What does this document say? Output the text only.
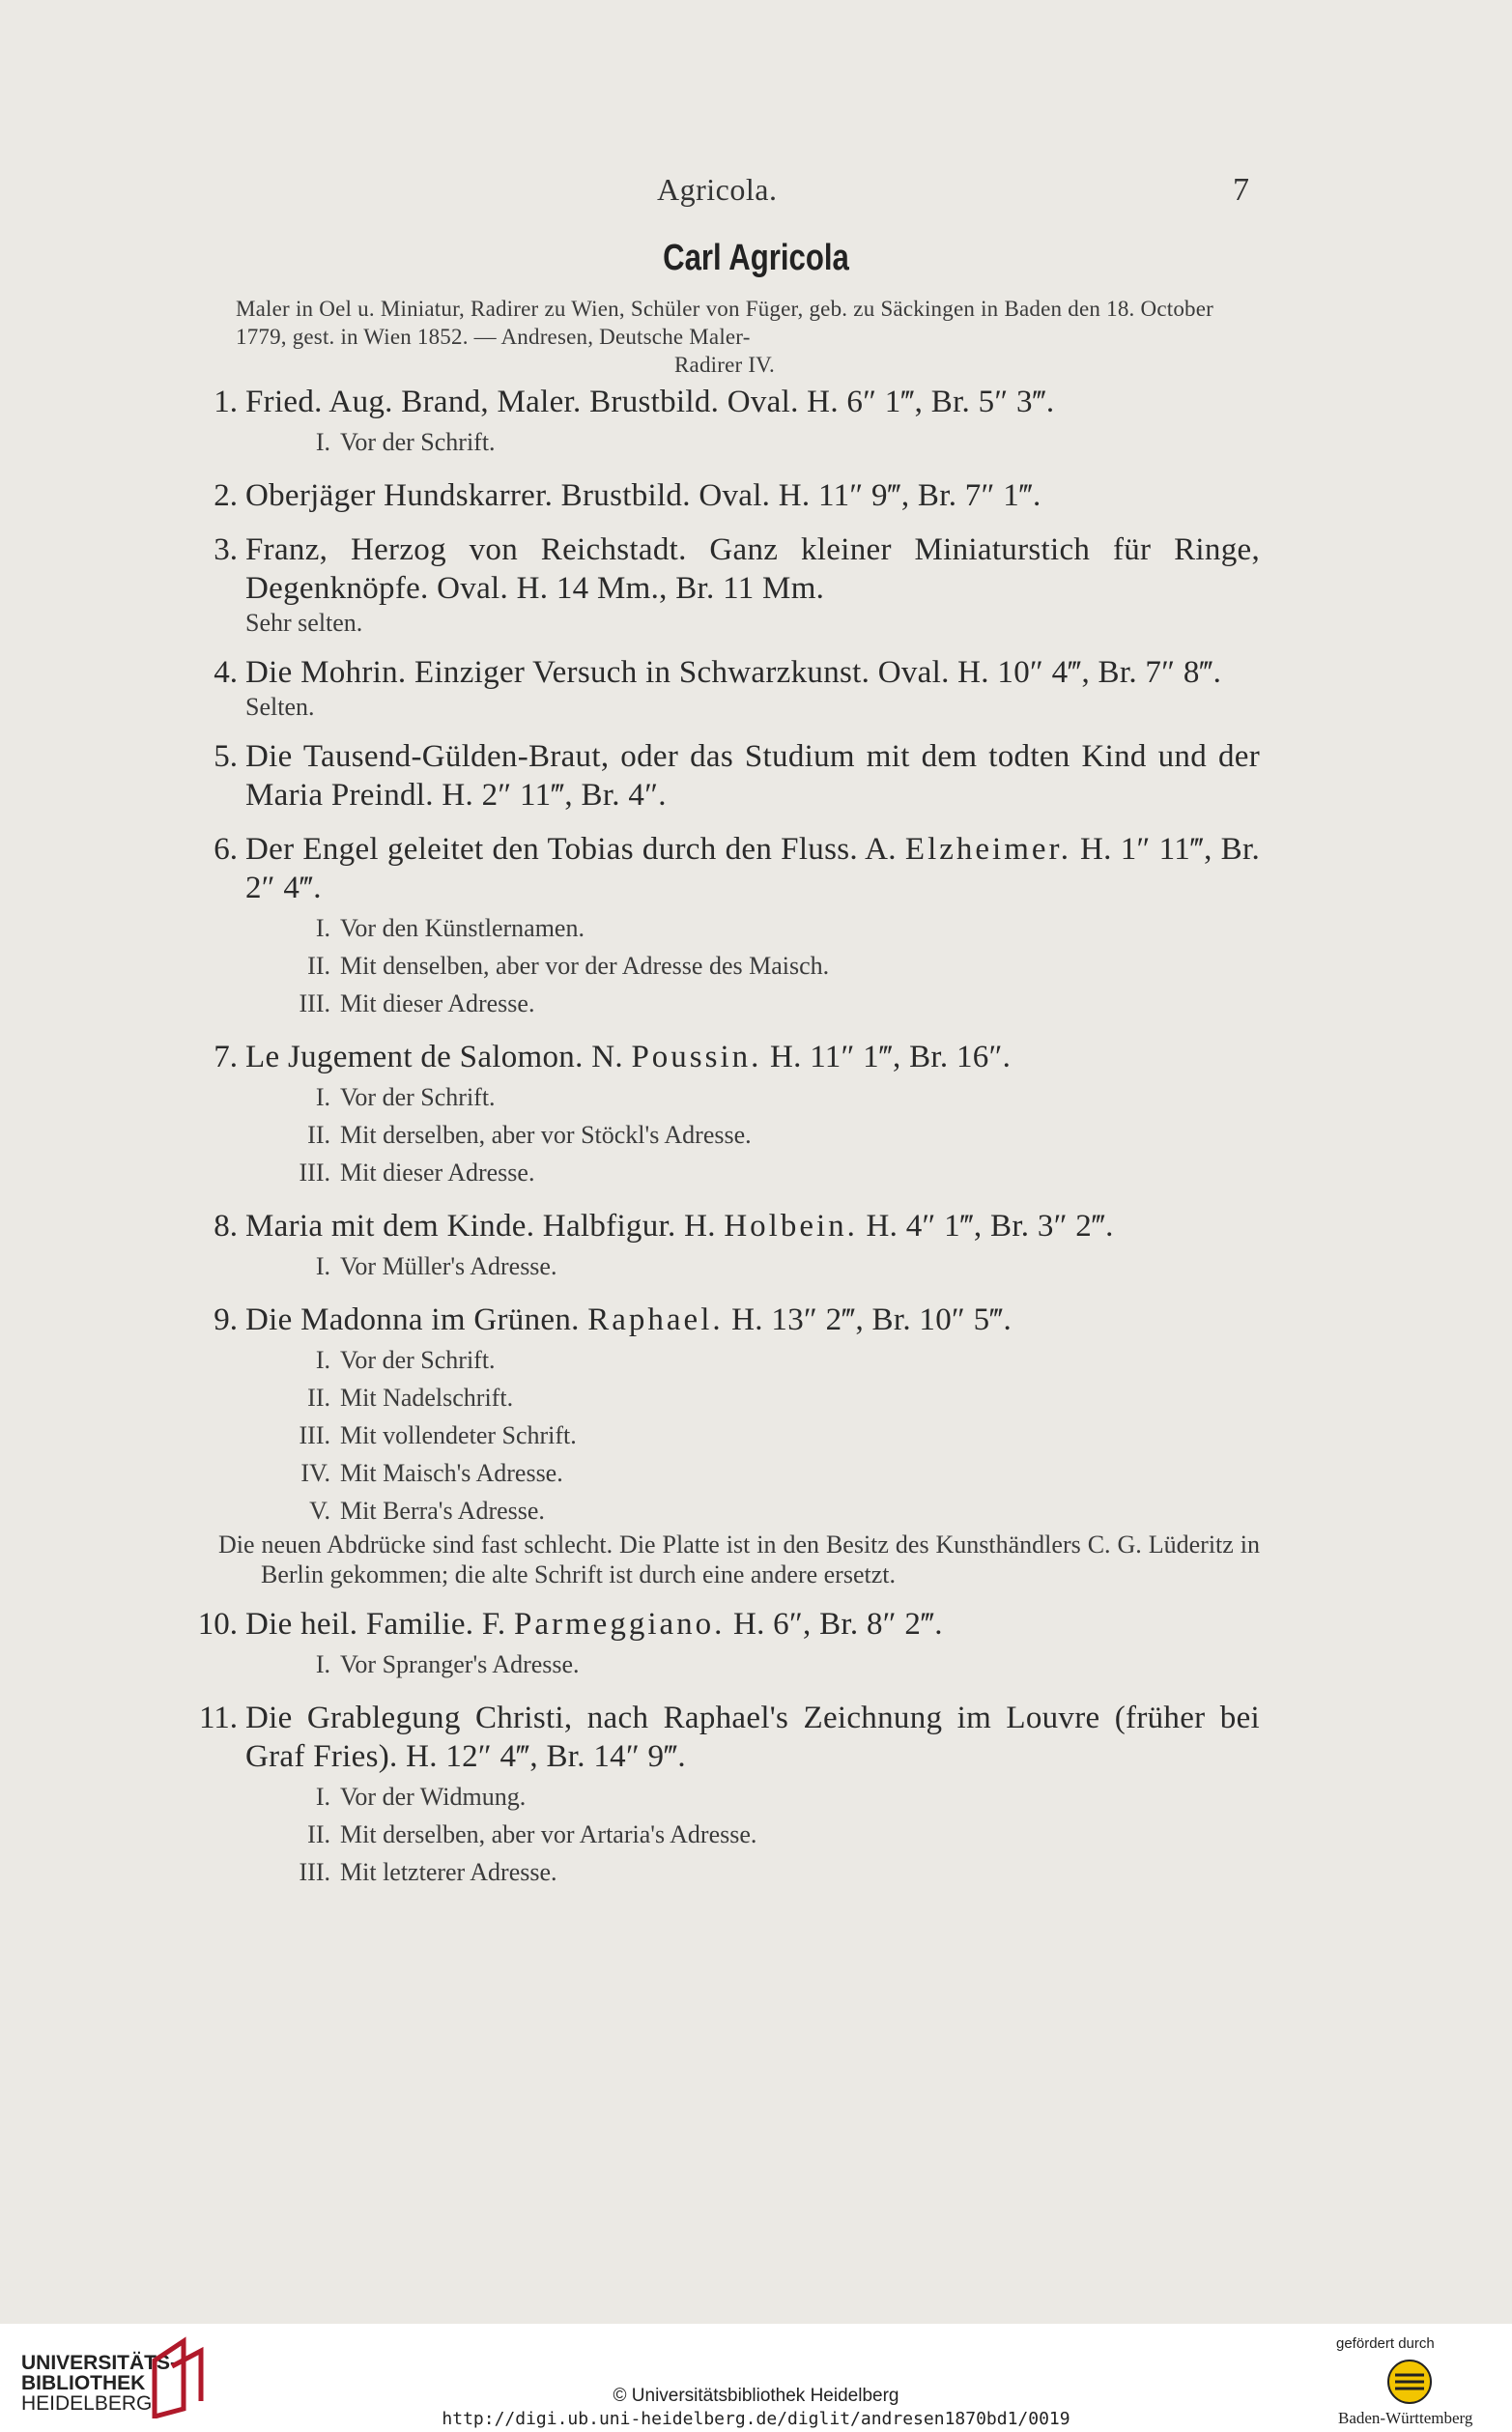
Agricola.	7
Carl Agricola
Maler in Oel u. Miniatur, Radirer zu Wien, Schüler von Füger, geb. zu Säckingen in Baden den 18. October 1779, gest. in Wien 1852. — Andresen, Deutsche Maler-
Radirer IV.
1. Fried. Aug. Brand, Maler. Brustbild. Oval. H. 6″ 1‴, Br. 5″ 3‴.
I. Vor der Schrift.
2. Oberjäger Hundskarrer. Brustbild. Oval. H. 11″ 9‴, Br. 7″ 1‴.
3. Franz, Herzog von Reichstadt. Ganz kleiner Miniaturstich für Ringe, Degenknöpfe. Oval. H. 14 Mm., Br. 11 Mm.
Sehr selten.
4. Die Mohrin. Einziger Versuch in Schwarzkunst. Oval. H. 10″ 4‴, Br. 7″ 8‴.
Selten.
5. Die Tausend-Gülden-Braut, oder das Studium mit dem todten Kind und der Maria Preindl. H. 2″ 11‴, Br. 4″.
6. Der Engel geleitet den Tobias durch den Fluss. A. Elzheimer. H. 1″ 11‴, Br. 2″ 4‴.
I. Vor den Künstlernamen.
II. Mit denselben, aber vor der Adresse des Maisch.
III. Mit dieser Adresse.
7. Le Jugement de Salomon. N. Poussin. H. 11″ 1‴, Br. 16″.
I. Vor der Schrift.
II. Mit derselben, aber vor Stöckl's Adresse.
III. Mit dieser Adresse.
8. Maria mit dem Kinde. Halbfigur. H. Holbein. H. 4″ 1‴, Br. 3″ 2‴.
I. Vor Müller's Adresse.
9. Die Madonna im Grünen. Raphael. H. 13″ 2‴, Br. 10″ 5‴.
I. Vor der Schrift.
II. Mit Nadelschrift.
III. Mit vollendeter Schrift.
IV. Mit Maisch's Adresse.
V. Mit Berra's Adresse.
Die neuen Abdrücke sind fast schlecht. Die Platte ist in den Besitz des Kunsthändlers C. G. Lüderitz in Berlin gekommen; die alte Schrift ist durch eine andere ersetzt.
10. Die heil. Familie. F. Parmeggiano. H. 6″, Br. 8″ 2‴.
I. Vor Spranger's Adresse.
11. Die Grablegung Christi, nach Raphael's Zeichnung im Louvre (früher bei Graf Fries). H. 12″ 4‴, Br. 14″ 9‴.
I. Vor der Widmung.
II. Mit derselben, aber vor Artaria's Adresse.
III. Mit letzterer Adresse.
UNIVERSITÄTS-
BIBLIOTHEK
HEIDELBERG	© Universitätsbibliothek Heidelberg
http://digi.ub.uni-heidelberg.de/diglit/andresen1870bd1/0019
gefördert durch
Baden-Württemberg
